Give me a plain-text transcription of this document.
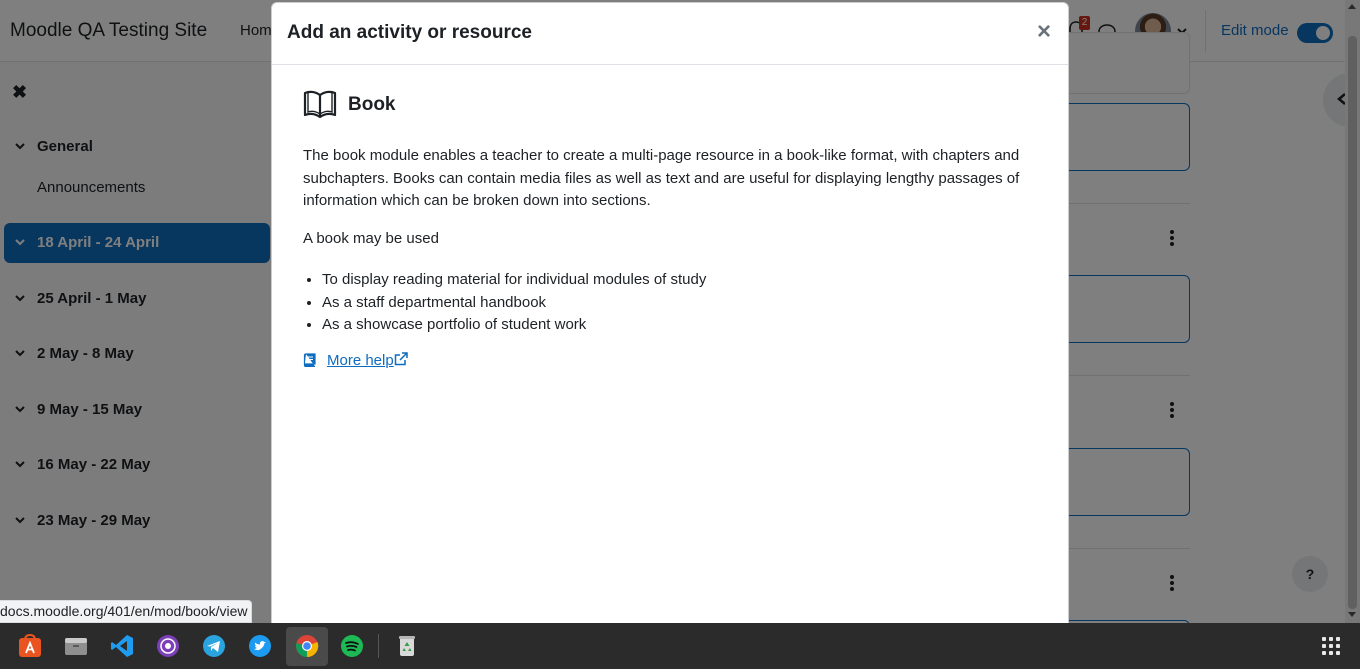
Add an activity or resource	×
Book

The book module enables a teacher to create a multi-page resource in a book-like format, with chapters and subchapters. Books can contain media files as well as text and are useful for displaying lengthy passages of information which can be broken down into sections.

A book may be used

• To display reading material for individual modules of study
• As a staff departmental handbook
• As a showcase portfolio of student work
More help
docs.moodle.org/401/en/mod/book/view
